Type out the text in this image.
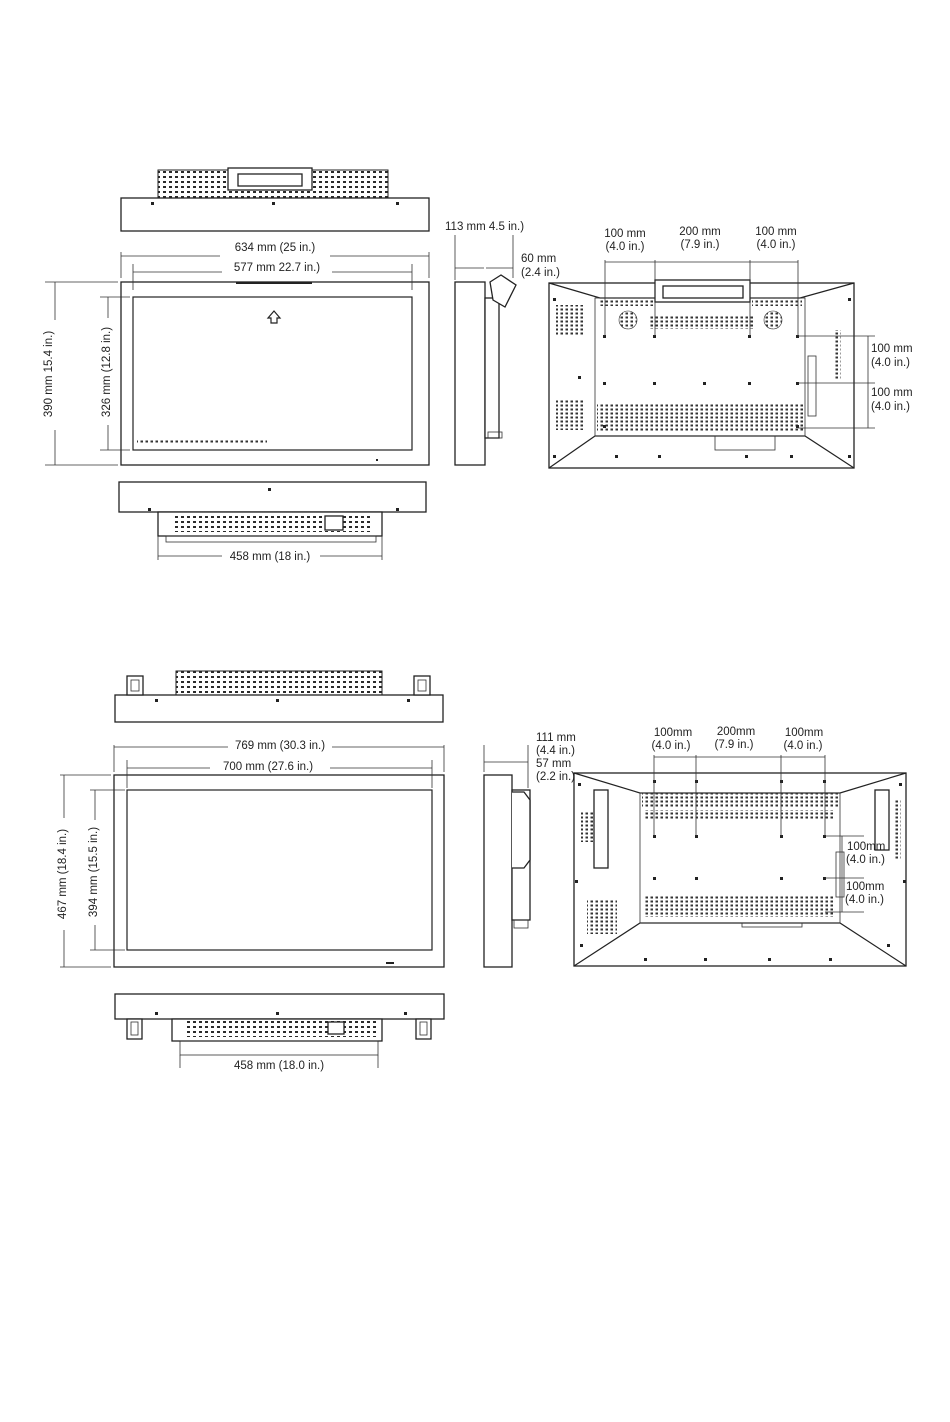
634 mm (25 in.)
577 mm 22.7 in.)
390 mm 15.4 in.)	326 mm (12.8 in.)
113 mm 4.5 in.)
60 mm
(2.4 in.)
458 mm (18 in.)
100 mm
(4.0 in.)
200 mm
(7.9 in.)
100 mm
(4.0 in.)
100 mm
(4.0 in.)
100 mm
(4.0 in.)
769 mm (30.3 in.)
700 mm (27.6 in.)
467 mm (18.4 in.) 394 mm (15.5 in.)
111 mm
(4.4 in.)
57 mm
(2.2 in.)
458 mm (18.0 in.)
100mm
(4.0 in.)
200mm
(7.9 in.)
100mm
(4.0 in.)
100mm
(4.0 in.)
100mm
(4.0 in.)
